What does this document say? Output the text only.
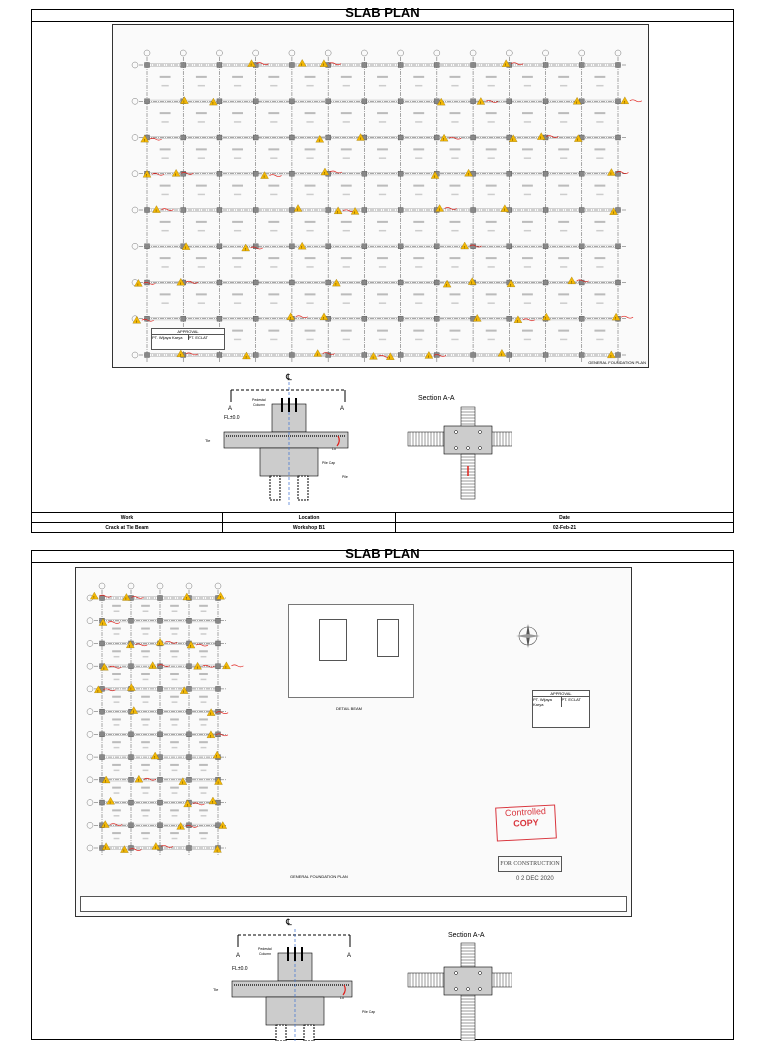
SLAB PLAN
!
!
!
!
!
!
!
!
!
!
!
!
!
!
!
!
!
!
!
!
!
!
!
!
!
!
!
!
!	!
!
!
!
!
!
!
!
!
!
!
!
!
!
!
!
!
!
!
!
!
!
!
!
!
!
!
!
APPROVAL
PT. Wijaya Karya	PT. ECLAT
GENERAL FOUNDATION PLAN
℄
A	A
Pedestal
Column
FL±0.0
Tie
Pile Cap
Pile
Lo
Section A-A
Work	Location	Date
Crack at Tie Beam	Workshop B1	02-Feb-21
SLAB PLAN
!
!
!
!
!
!
!
!
!
!
!
!
!
!
!
!
!
!
!
!
!
!
!
!
!
!
!
!
!
!
!
!
!
!
DETAIL BEAM
APPROVAL
PT. Wijaya Karya
PT. ECLAT
Controlled
COPY
FOR CONSTRUCTION
0 2 DEC 2020
GENERAL FOUNDATION PLAN
℄
A	A
Pedestal
Column
FL±0.0
Tie
Pile Cap
Lo
Section A-A
